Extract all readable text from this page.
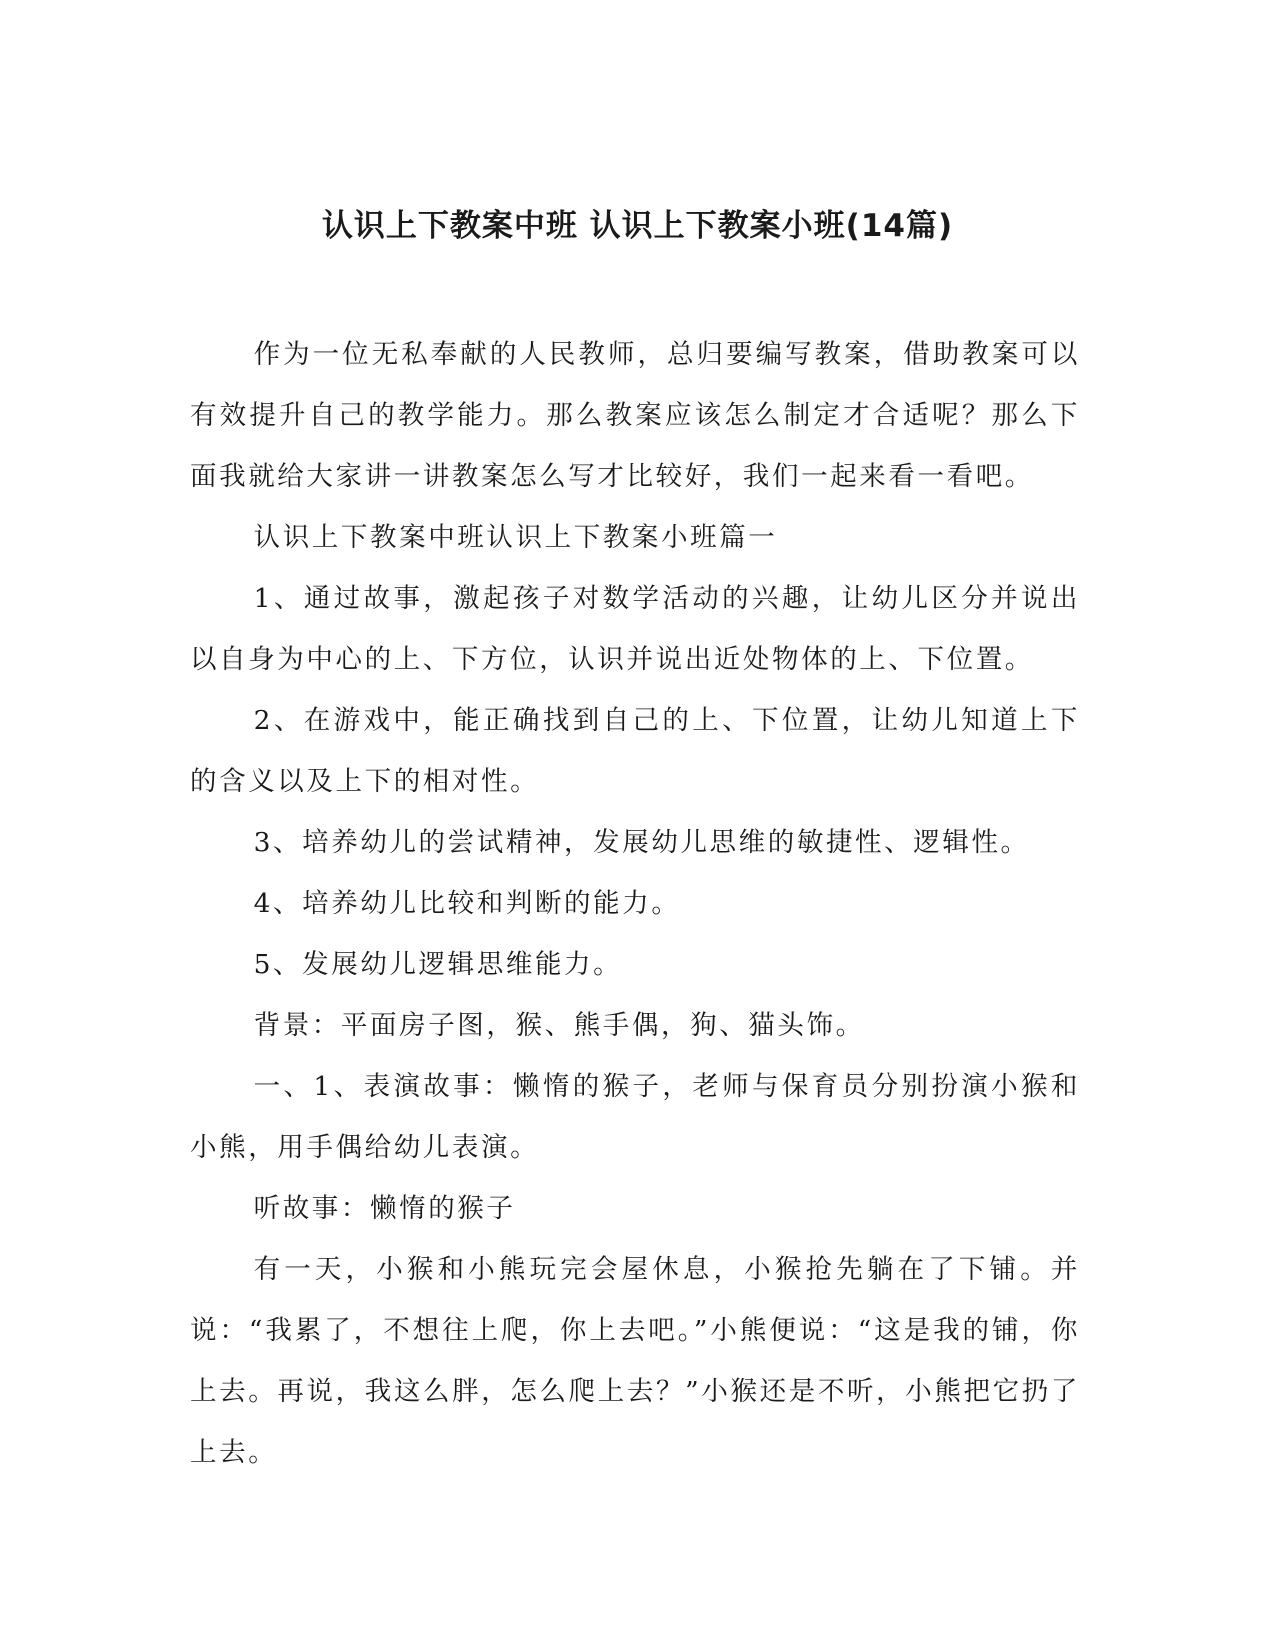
认识上下教案中班 认识上下教案小班(14篇)

作为一位无私奉献的人民教师，总归要编写教案，借助教案可以有效提升自己的教学能力。那么教案应该怎么制定才合适呢？那么下面我就给大家讲一讲教案怎么写才比较好，我们一起来看一看吧。

认识上下教案中班认识上下教案小班篇一

1、通过故事，激起孩子对数学活动的兴趣，让幼儿区分并说出以自身为中心的上、下方位，认识并说出近处物体的上、下位置。

2、在游戏中，能正确找到自己的上、下位置，让幼儿知道上下的含义以及上下的相对性。

3、培养幼儿的尝试精神，发展幼儿思维的敏捷性、逻辑性。

4、培养幼儿比较和判断的能力。

5、发展幼儿逻辑思维能力。

背景：平面房子图，猴、熊手偶，狗、猫头饰。

一、1、表演故事：懒惰的猴子，老师与保育员分别扮演小猴和小熊，用手偶给幼儿表演。

听故事：懒惰的猴子

有一天，小猴和小熊玩完会屋休息，小猴抢先躺在了下铺。并说：“我累了，不想往上爬，你上去吧。”小熊便说：“这是我的铺，你上去。再说，我这么胖，怎么爬上去？”小猴还是不听，小熊把它扔了上去。
